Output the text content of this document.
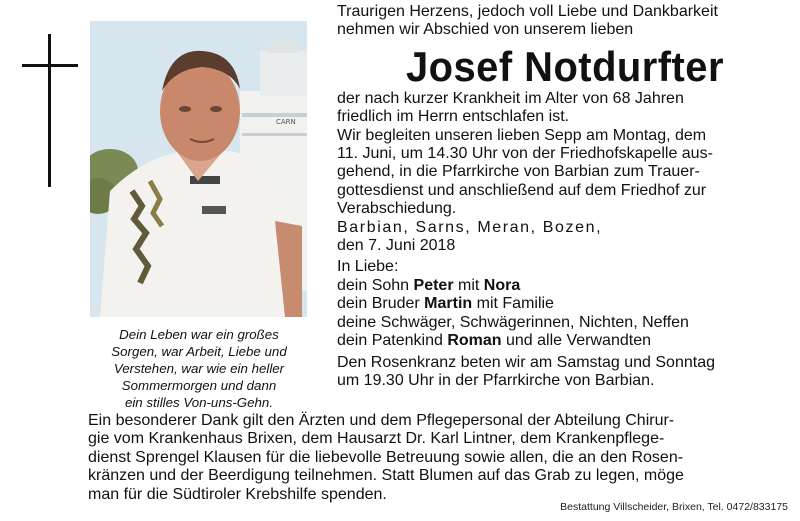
CARN
Dein Leben war ein großes
Sorgen, war Arbeit, Liebe und
Verstehen, war wie ein heller
Sommermorgen und dann
ein stilles Von-uns-Gehn.
Traurigen Herzens, jedoch voll Liebe und Dankbarkeit
nehmen wir Abschied von unserem lieben
Josef Notdurfter
der nach kurzer Krankheit im Alter von 68 Jahren
friedlich im Herrn entschlafen ist.
Wir begleiten unseren lieben Sepp am Montag, dem
11. Juni, um 14.30 Uhr von der Friedhofskapelle aus-
gehend, in die Pfarrkirche von Barbian zum Trauer-
gottesdienst und anschließend auf dem Friedhof zur
Verabschiedung.
Barbian, Sarns, Meran, Bozen,
den 7. Juni 2018
In Liebe:
dein Sohn Peter mit Nora
dein Bruder Martin mit Familie
deine Schwäger, Schwägerinnen, Nichten, Neffen
dein Patenkind Roman und alle Verwandten
Den Rosenkranz beten wir am Samstag und Sonntag
um 19.30 Uhr in der Pfarrkirche von Barbian.
Ein besonderer Dank gilt den Ärzten und dem Pflegepersonal der Abteilung Chirur-
gie vom Krankenhaus Brixen, dem Hausarzt Dr. Karl Lintner, dem Krankenpflege-
dienst Sprengel Klausen für die liebevolle Betreuung sowie allen, die an den Rosen-
kränzen und der Beerdigung teilnehmen. Statt Blumen auf das Grab zu legen, möge
man für die Südtiroler Krebshilfe spenden.
Bestattung Villscheider, Brixen, Tel. 0472/833175
